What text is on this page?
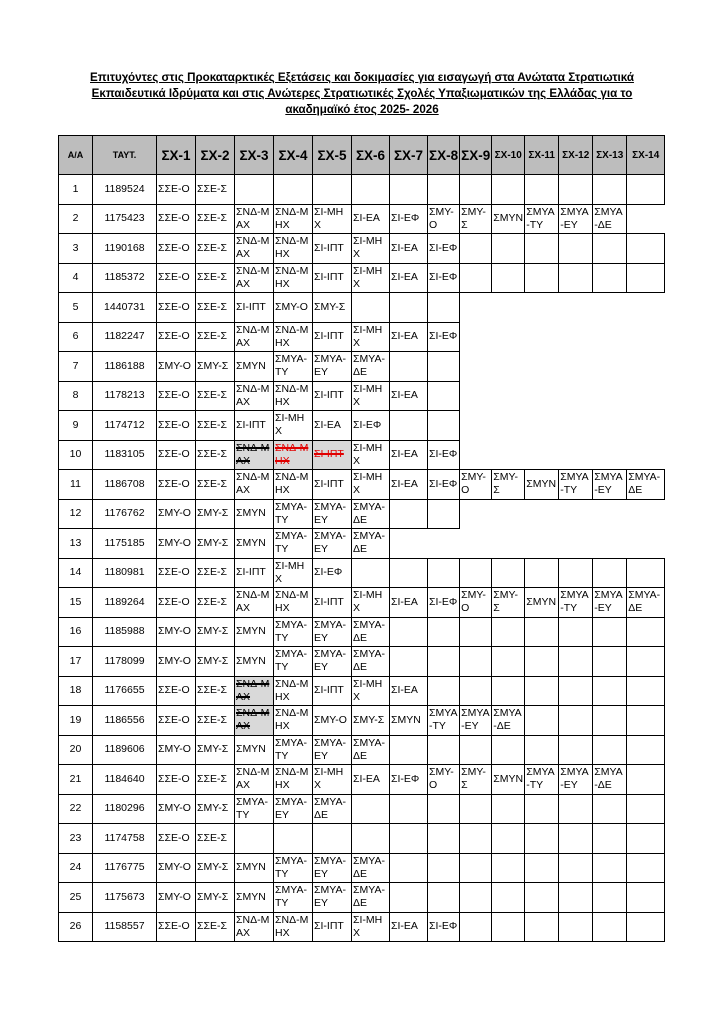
Επιτυχόντες στις Προκαταρκτικές Εξετάσεις και δοκιμασίες για εισαγωγή στα Ανώτατα Στρατιωτικά
Εκπαιδευτικά Ιδρύματα και στις Ανώτερες Στρατιωτικές Σχολές Υπαξιωματικών της Ελλάδας για το
ακαδημαϊκό έτος 2025- 2026
Α/Α	ΤΑΥΤ.	ΣΧ-1	ΣΧ-2	ΣΧ-3	ΣΧ-4	ΣΧ-5	ΣΧ-6	ΣΧ-7	ΣΧ-8	ΣΧ-9	ΣΧ-10	ΣΧ-11	ΣΧ-12	ΣΧ-13	ΣΧ-14
1	1189524	ΣΣΕ-Ο	ΣΣΕ-Σ												
2	1175423	ΣΣΕ-Ο	ΣΣΕ-Σ	ΣΝΔ-ΜΑΧ	ΣΝΔ-ΜΗΧ	ΣΙ-ΜΗΧ	ΣΙ-ΕΑ	ΣΙ-ΕΦ	ΣΜΥ-Ο	ΣΜΥ-Σ	ΣΜΥΝ	ΣΜΥΑ-ΤΥ	ΣΜΥΑ-ΕΥ	ΣΜΥΑ-ΔΕ	
3	1190168	ΣΣΕ-Ο	ΣΣΕ-Σ	ΣΝΔ-ΜΑΧ	ΣΝΔ-ΜΗΧ	ΣΙ-ΙΠΤ	ΣΙ-ΜΗΧ	ΣΙ-ΕΑ	ΣΙ-ΕΦ						
4	1185372	ΣΣΕ-Ο	ΣΣΕ-Σ	ΣΝΔ-ΜΑΧ	ΣΝΔ-ΜΗΧ	ΣΙ-ΙΠΤ	ΣΙ-ΜΗΧ	ΣΙ-ΕΑ	ΣΙ-ΕΦ						
5	1440731	ΣΣΕ-Ο	ΣΣΕ-Σ	ΣΙ-ΙΠΤ	ΣΜΥ-Ο	ΣΜΥ-Σ									
6	1182247	ΣΣΕ-Ο	ΣΣΕ-Σ	ΣΝΔ-ΜΑΧ	ΣΝΔ-ΜΗΧ	ΣΙ-ΙΠΤ	ΣΙ-ΜΗΧ	ΣΙ-ΕΑ	ΣΙ-ΕΦ						
7	1186188	ΣΜΥ-Ο	ΣΜΥ-Σ	ΣΜΥΝ	ΣΜΥΑ-ΤΥ	ΣΜΥΑ-ΕΥ	ΣΜΥΑ-ΔΕ								
8	1178213	ΣΣΕ-Ο	ΣΣΕ-Σ	ΣΝΔ-ΜΑΧ	ΣΝΔ-ΜΗΧ	ΣΙ-ΙΠΤ	ΣΙ-ΜΗΧ	ΣΙ-ΕΑ							
9	1174712	ΣΣΕ-Ο	ΣΣΕ-Σ	ΣΙ-ΙΠΤ	ΣΙ-ΜΗΧ	ΣΙ-ΕΑ	ΣΙ-ΕΦ								
10	1183105	ΣΣΕ-Ο	ΣΣΕ-Σ	ΣΝΔ-ΜΑΧ	ΣΝΔ-ΜΗΧ	ΣΙ-ΙΠΤ	ΣΙ-ΜΗΧ	ΣΙ-ΕΑ	ΣΙ-ΕΦ						
11	1186708	ΣΣΕ-Ο	ΣΣΕ-Σ	ΣΝΔ-ΜΑΧ	ΣΝΔ-ΜΗΧ	ΣΙ-ΙΠΤ	ΣΙ-ΜΗΧ	ΣΙ-ΕΑ	ΣΙ-ΕΦ	ΣΜΥ-Ο	ΣΜΥ-Σ	ΣΜΥΝ	ΣΜΥΑ-ΤΥ	ΣΜΥΑ-ΕΥ	ΣΜΥΑ-ΔΕ
12	1176762	ΣΜΥ-Ο	ΣΜΥ-Σ	ΣΜΥΝ	ΣΜΥΑ-ΤΥ	ΣΜΥΑ-ΕΥ	ΣΜΥΑ-ΔΕ								
13	1175185	ΣΜΥ-Ο	ΣΜΥ-Σ	ΣΜΥΝ	ΣΜΥΑ-ΤΥ	ΣΜΥΑ-ΕΥ	ΣΜΥΑ-ΔΕ								
14	1180981	ΣΣΕ-Ο	ΣΣΕ-Σ	ΣΙ-ΙΠΤ	ΣΙ-ΜΗΧ	ΣΙ-ΕΦ									
15	1189264	ΣΣΕ-Ο	ΣΣΕ-Σ	ΣΝΔ-ΜΑΧ	ΣΝΔ-ΜΗΧ	ΣΙ-ΙΠΤ	ΣΙ-ΜΗΧ	ΣΙ-ΕΑ	ΣΙ-ΕΦ	ΣΜΥ-Ο	ΣΜΥ-Σ	ΣΜΥΝ	ΣΜΥΑ-ΤΥ	ΣΜΥΑ-ΕΥ	ΣΜΥΑ-ΔΕ
16	1185988	ΣΜΥ-Ο	ΣΜΥ-Σ	ΣΜΥΝ	ΣΜΥΑ-ΤΥ	ΣΜΥΑ-ΕΥ	ΣΜΥΑ-ΔΕ								
17	1178099	ΣΜΥ-Ο	ΣΜΥ-Σ	ΣΜΥΝ	ΣΜΥΑ-ΤΥ	ΣΜΥΑ-ΕΥ	ΣΜΥΑ-ΔΕ								
18	1176655	ΣΣΕ-Ο	ΣΣΕ-Σ	ΣΝΔ-ΜΑΧ	ΣΝΔ-ΜΗΧ	ΣΙ-ΙΠΤ	ΣΙ-ΜΗΧ	ΣΙ-ΕΑ							
19	1186556	ΣΣΕ-Ο	ΣΣΕ-Σ	ΣΝΔ-ΜΑΧ	ΣΝΔ-ΜΗΧ	ΣΜΥ-Ο	ΣΜΥ-Σ	ΣΜΥΝ	ΣΜΥΑ-ΤΥ	ΣΜΥΑ-ΕΥ	ΣΜΥΑ-ΔΕ				
20	1189606	ΣΜΥ-Ο	ΣΜΥ-Σ	ΣΜΥΝ	ΣΜΥΑ-ΤΥ	ΣΜΥΑ-ΕΥ	ΣΜΥΑ-ΔΕ								
21	1184640	ΣΣΕ-Ο	ΣΣΕ-Σ	ΣΝΔ-ΜΑΧ	ΣΝΔ-ΜΗΧ	ΣΙ-ΜΗΧ	ΣΙ-ΕΑ	ΣΙ-ΕΦ	ΣΜΥ-Ο	ΣΜΥ-Σ	ΣΜΥΝ	ΣΜΥΑ-ΤΥ	ΣΜΥΑ-ΕΥ	ΣΜΥΑ-ΔΕ	
22	1180296	ΣΜΥ-Ο	ΣΜΥ-Σ	ΣΜΥΑ-ΤΥ	ΣΜΥΑ-ΕΥ	ΣΜΥΑ-ΔΕ									
23	1174758	ΣΣΕ-Ο	ΣΣΕ-Σ												
24	1176775	ΣΜΥ-Ο	ΣΜΥ-Σ	ΣΜΥΝ	ΣΜΥΑ-ΤΥ	ΣΜΥΑ-ΕΥ	ΣΜΥΑ-ΔΕ								
25	1175673	ΣΜΥ-Ο	ΣΜΥ-Σ	ΣΜΥΝ	ΣΜΥΑ-ΤΥ	ΣΜΥΑ-ΕΥ	ΣΜΥΑ-ΔΕ								
26	1158557	ΣΣΕ-Ο	ΣΣΕ-Σ	ΣΝΔ-ΜΑΧ	ΣΝΔ-ΜΗΧ	ΣΙ-ΙΠΤ	ΣΙ-ΜΗΧ	ΣΙ-ΕΑ	ΣΙ-ΕΦ						
